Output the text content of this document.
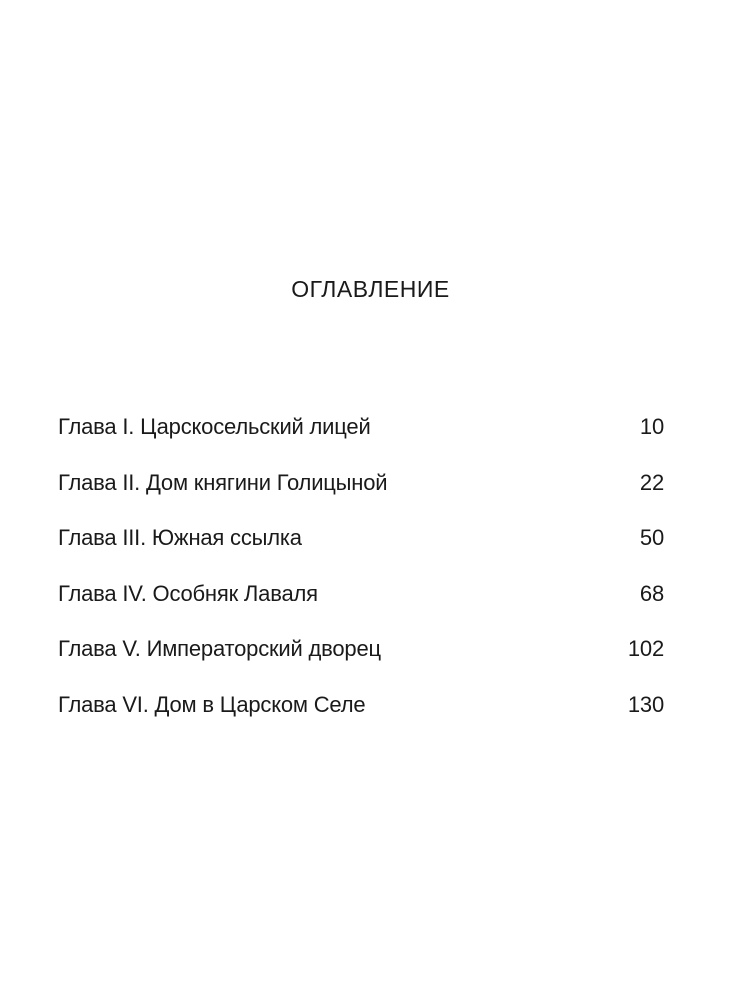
ОГЛАВЛЕНИЕ
Глава I. Царскосельский лицей	10
Глава II. Дом княгини Голицыной	22
Глава III. Южная ссылка	50
Глава IV. Особняк Лаваля	68
Глава V. Императорский дворец	102
Глава VI. Дом в Царском Селе	130
